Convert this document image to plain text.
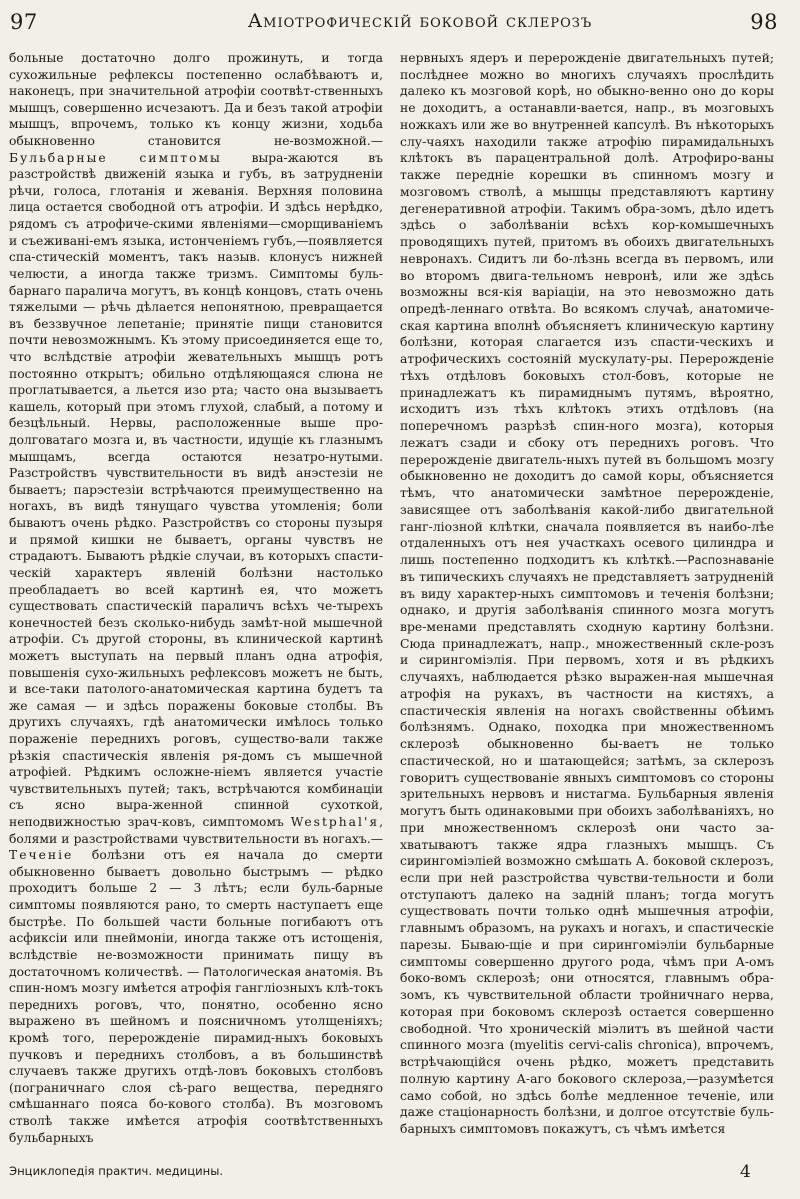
97	Амiотрофическiй боковой склерозъ	98

больные достаточно долго прожинуть, и тогда сухожильные рефлексы постепенно ослабѣваютъ и, наконецъ, при значительной атрофiи соотвѣт-ственныхъ мышцъ, совершенно исчезаютъ. Да и безъ такой атрофiи мышцъ, впрочемъ, только къ концу жизни, ходьба обыкновенно становится не-возможной.— Бульбарные симптомы выра-жаются въ разстройствѣ движенiй языка и губъ, въ затрудненiи рѣчи, голоса, глотанiя и жеванiя. Верхняя половина лица остается свободной отъ атрофiи. И здѣсь нерѣдко, рядомъ съ атрофиче-скими явленiями—сморщиванiемъ и съеживанi-емъ языка, истонченiемъ губъ,—появляется спа-стическiй моментъ, такъ назыв. клонусъ нижней челюсти, а иногда также тризмъ. Симптомы буль-барнаго паралича могутъ, въ концѣ концовъ, стать очень тяжелыми — рѣчь дѣлается непонятною, превращается въ беззвучное лепетанiе; принятiе пищи становится почти невозможнымъ. Къ этому присоединяется еще то, что вслѣдствiе атрофiи жевательныхъ мышцъ ротъ постоянно открытъ; обильно отдѣляющаяся слюна не проглатывается, а льется изо рта; часто она вызываетъ кашель, который при этомъ глухой, слабый, а потому и безцѣльный. Нервы, расположенные выше про-долговатаго мозга и, въ частности, идущiе къ глазнымъ мышцамъ, всегда остаются незатро-нутыми. Разстройствъ чувствительности въ видѣ анэстезiи не бываетъ; парэстезiи встрѣчаются преимущественно на ногахъ, въ видѣ тянущаго чувства утомленiя; боли бываютъ очень рѣдко. Разстройствъ со стороны пузыря и прямой кишки не бываетъ, органы чувствъ не страдаютъ. Бываютъ рѣдкiе случаи, въ которыхъ спасти-ческiй характеръ явленiй болѣзни настолько преобладаетъ во всей картинѣ ея, что можетъ существовать спастическiй параличъ всѣхъ че-тырехъ конечностей безъ сколько-нибудь замѣт-ной мышечной атрофiи. Съ другой стороны, въ клинической картинѣ можетъ выступать на первый планъ одна атрофiя, повышенiя сухо-жильныхъ рефлексовъ можетъ не быть, и все-таки патолого-анатомическая картина будетъ та же самая — и здѣсь поражены боковые столбы. Въ другихъ случаяхъ, гдѣ анатомически имѣлось только пораженiе переднихъ роговъ, существо-вали также рѣзкiя спастическiя явленiя ря-домъ съ мышечной атрофiей. Рѣдкимъ осложне-нiемъ является участiе чувствительныхъ путей; такъ, встрѣчаются комбинацiи съ ясно выра-женной спинной сухоткой, неподвижностью зрач-ковъ, симптомомъ Westphal'я, болями и разстройствами чувствительности въ ногахъ.— Теченiе болѣзни отъ ея начала до смерти обыкновенно бываетъ довольно быстрымъ — рѣдко проходитъ больше 2 — 3 лѣтъ; если буль-барные симптомы появляются рано, то смерть наступаетъ еще быстрѣе. По большей части больные погибаютъ отъ асфиксiи или пнеймонiи, иногда также отъ истощенiя, вслѣдствiе не-возможности принимать пищу въ достаточномъ количествѣ. — Патологическая анатомiя. Въ спин-номъ мозгу имѣется атрофiя ганглiозныхъ клѣ-токъ переднихъ роговъ, что, понятно, особенно ясно выражено въ шейномъ и поясничномъ утолщенiяхъ; кромѣ того, перерожденiе пирамид-ныхъ боковыхъ пучковъ и переднихъ столбовъ, а въ большинствѣ случаевъ также другихъ отдѣ-ловъ боковыхъ столбовъ (пограничнаго слоя сѣ-раго вещества, передняго смѣшаннаго пояса бо-кового столба). Въ мозговомъ стволѣ также имѣется атрофiя соотвѣтственныхъ бульбарныхъ

нервныхъ ядеръ и перерожденiе двигательныхъ путей; послѣднее можно во многихъ случаяхъ прослѣдить далеко къ мозговой корѣ, но обыкно-венно оно до коры не доходитъ, а останавли-вается, напр., въ мозговыхъ ножкахъ или же во внутренней капсулѣ. Въ нѣкоторыхъ слу-чаяхъ находили также атрофiю пирамидальныхъ клѣтокъ въ парацентральной долѣ. Атрофиро-ваны также переднiе корешки въ спинномъ мозгу и мозговомъ стволѣ, а мышцы представляютъ картину дегенеративной атрофiи. Такимъ обра-зомъ, дѣло идетъ здѣсь о заболѣванiи всѣхъ кор-комышечныхъ проводящихъ путей, притомъ въ обоихъ двигательныхъ невронахъ. Сидитъ ли бо-лѣзнь всегда въ первомъ, или во второмъ двига-тельномъ невронѣ, или же здѣсь возможны вся-кiя варiацiи, на это невозможно дать опредѣ-леннаго отвѣта. Во всякомъ случаѣ, анатомиче-ская картина вполнѣ объясняетъ клиническую картину болѣзни, которая слагается изъ спасти-ческихъ и атрофическихъ состоянiй мускулату-ры. Перерожденiе тѣхъ отдѣловъ боковыхъ стол-бовъ, которые не принадлежатъ къ пирамиднымъ путямъ, вѣроятно, исходитъ изъ тѣхъ клѣтокъ этихъ отдѣловъ (на поперечномъ разрѣзѣ спин-ного мозга), которыя лежатъ сзади и сбоку отъ переднихъ роговъ. Что перерожденiе двигатель-ныхъ путей въ большомъ мозгу обыкновенно не доходитъ до самой коры, объясняется тѣмъ, что анатомически замѣтное перерожденiе, зависящее отъ заболѣванiя какой-либо двигательной ганг-лiозной клѣтки, сначала появляется въ наибо-лѣе отдаленныхъ отъ нея участкахъ осевого цилиндра и лишь постепенно подходитъ къ клѣткѣ.—Распознаванiе въ типическихъ случаяхъ не представляетъ затрудненiй въ виду характер-ныхъ симптомовъ и теченiя болѣзни; однако, и другiя заболѣванiя спинного мозга могутъ вре-менами представлять сходную картину болѣзни. Сюда принадлежатъ, напр., множественный скле-розъ и сирингомiэлiя. При первомъ, хотя и въ рѣдкихъ случаяхъ, наблюдается рѣзко выражен-ная мышечная атрофiя на рукахъ, въ частности на кистяхъ, а спастическiя явленiя на ногахъ свойственны обѣимъ болѣзнямъ. Однако, походка при множественномъ склерозѣ обыкновенно бы-ваетъ не только спастической, но и шатающейся; затѣмъ, за склерозъ говоритъ существованiе явныхъ симптомовъ со стороны зрительныхъ нервовъ и нистагма. Бульбарныя явленiя могутъ быть одинаковыми при обоихъ заболѣванiяхъ, но при множественномъ склерозѣ они часто за-хватываютъ также ядра глазныхъ мышцъ. Съ сирингомiэлiей возможно смѣшать А. боковой склерозъ, если при ней разстройства чувстви-тельности и боли отступаютъ далеко на заднiй планъ; тогда могутъ существовать почти только однѣ мышечныя атрофiи, главнымъ образомъ, на рукахъ и ногахъ, и спастическiе парезы. Бываю-щiе и при сирингомiэлiи бульбарные симптомы совершенно другого рода, чѣмъ при А-омъ боко-вомъ склерозѣ; они относятся, главнымъ обра-зомъ, къ чувствительной области тройничнаго нерва, которая при боковомъ склерозѣ остается совершенно свободной. Что хроническiй мiэлитъ въ шейной части спинного мозга (myelitis cervi-calis chronica), впрочемъ, встрѣчающiйся очень рѣдко, можетъ представить полную картину А-аго бокового склероза,—разумѣется само собой, но здѣсь болѣе медленное теченiе, или даже стацiонарность болѣзни, и долгое отсутствiе буль-барныхъ симптомовъ покажутъ, съ чѣмъ имѣется

Энциклопедiя практич. медицины.	4
